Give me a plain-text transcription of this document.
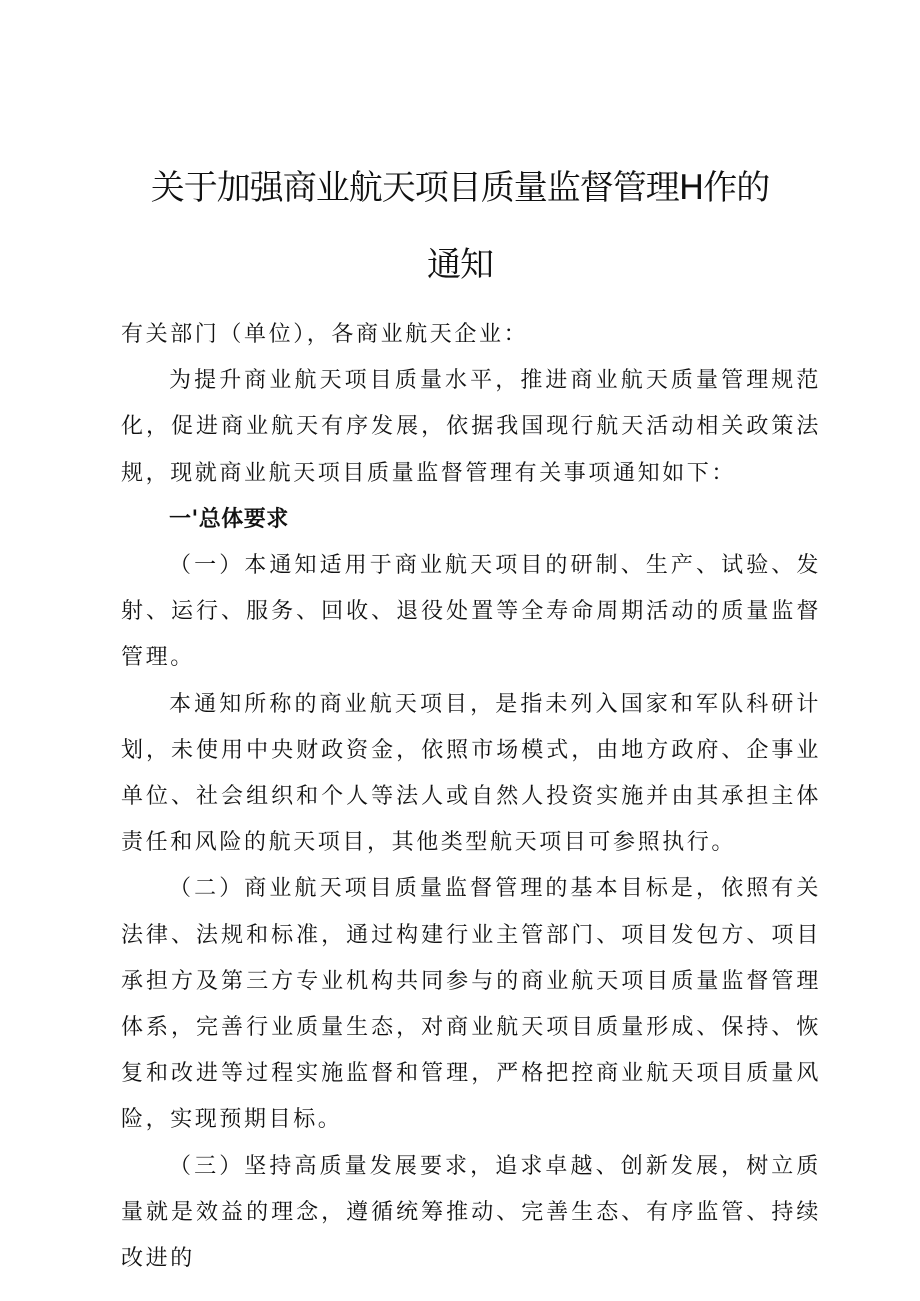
关于加强商业航天项目质量监督管理H作的
通知

有关部门（单位），各商业航天企业：

为提升商业航天项目质量水平，推进商业航天质量管理规范化，促进商业航天有序发展，依据我国现行航天活动相关政策法规，现就商业航天项目质量监督管理有关事项通知如下：

一'总体要求

（一）本通知适用于商业航天项目的研制、生产、试验、发射、运行、服务、回收、退役处置等全寿命周期活动的质量监督管理。

本通知所称的商业航天项目，是指未列入国家和军队科研计划，未使用中央财政资金，依照市场模式，由地方政府、企事业单位、社会组织和个人等法人或自然人投资实施并由其承担主体责任和风险的航天项目，其他类型航天项目可参照执行。

（二）商业航天项目质量监督管理的基本目标是，依照有关法律、法规和标准，通过构建行业主管部门、项目发包方、项目承担方及第三方专业机构共同参与的商业航天项目质量监督管理体系，完善行业质量生态，对商业航天项目质量形成、保持、恢复和改进等过程实施监督和管理，严格把控商业航天项目质量风险，实现预期目标。

（三）坚持高质量发展要求，追求卓越、创新发展，树立质量就是效益的理念，遵循统筹推动、完善生态、有序监管、持续改进的
